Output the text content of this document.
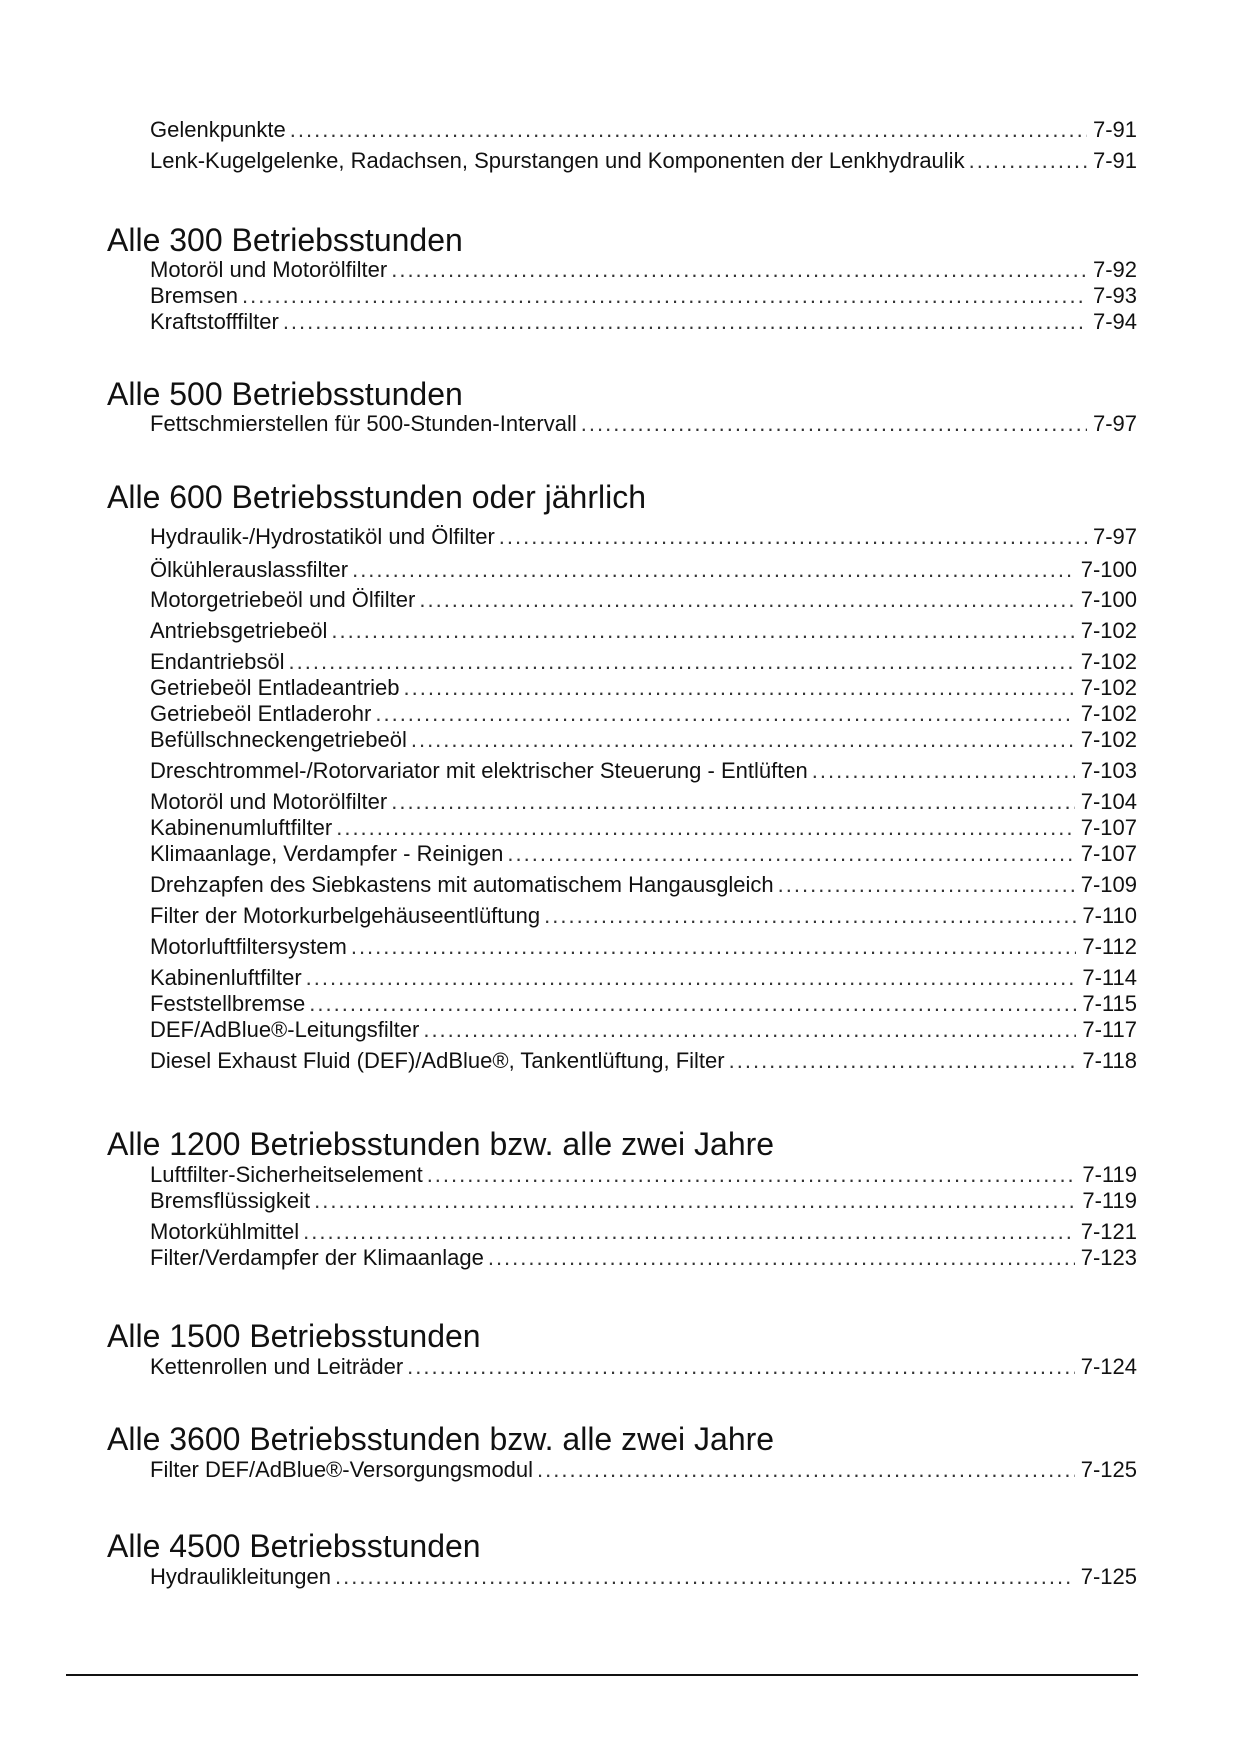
Gelenkpunkte .....	7-91
Lenk-Kugelgelenke, Radachsen, Spurstangen und Komponenten der Lenkhydraulik .....	7-91
Alle 300 Betriebsstunden
Motoröl und Motorölfilter .....	7-92
Bremsen .....	7-93
Kraftstofffilter .....	7-94
Alle 500 Betriebsstunden
Fettschmierstellen für 500-Stunden-Intervall .....	7-97
Alle 600 Betriebsstunden oder jährlich
Hydraulik-/Hydrostatiköl und Ölfilter .....	7-97
Ölkühlerauslassfilter .....	7-100
Motorgetriebeöl und Ölfilter .....	7-100
Antriebsgetriebeöl .....	7-102
Endantriebsöl .....	7-102
Getriebeöl Entladeantrieb .....	7-102
Getriebeöl Entladerohr .....	7-102
Befüllschneckengetriebeöl .....	7-102
Dreschtrommel-/Rotorvariator mit elektrischer Steuerung - Entlüften .....	7-103
Motoröl und Motorölfilter .....	7-104
Kabinenumluftfilter .....	7-107
Klimaanlage, Verdampfer - Reinigen .....	7-107
Drehzapfen des Siebkastens mit automatischem Hangausgleich .....	7-109
Filter der Motorkurbelgehäuseentlüftung .....	7-110
Motorluftfiltersystem .....	7-112
Kabinenluftfilter .....	7-114
Feststellbremse .....	7-115
DEF/AdBlue®-Leitungsfilter .....	7-117
Diesel Exhaust Fluid (DEF)/AdBlue®, Tankentlüftung, Filter .....	7-118
Alle 1200 Betriebsstunden bzw. alle zwei Jahre
Luftfilter-Sicherheitselement .....	7-119
Bremsflüssigkeit .....	7-119
Motorkühlmittel .....	7-121
Filter/Verdampfer der Klimaanlage .....	7-123
Alle 1500 Betriebsstunden
Kettenrollen und Leiträder .....	7-124
Alle 3600 Betriebsstunden bzw. alle zwei Jahre
Filter DEF/AdBlue®-Versorgungsmodul .....	7-125
Alle 4500 Betriebsstunden
Hydraulikleitungen .....	7-125
